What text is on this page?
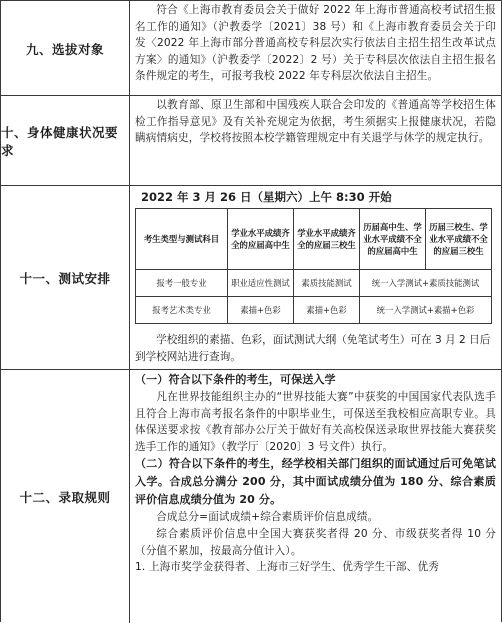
九、选拔对象
符合《上海市教育委员会关于做好 2022 年上海市普通高校考试招生报名工作的通知》（沪教委学〔2021〕38 号）和《上海市教育委员会关于印发〈2022 年上海市部分普通高校专科层次实行依法自主招生招生改革试点方案〉的通知》（沪教委学〔2022〕2 号）关于专科层次依法自主招生报名条件规定的考生，可报考我校 2022 年专科层次依法自主招生。
十、身体健康状况要求
以教育部、原卫生部和中国残疾人联合会印发的《普通高等学校招生体检工作指导意见》及有关补充规定为依据，考生须据实上报健康状况，若隐瞒病情病史，学校将按照本校学籍管理规定中有关退学与休学的规定执行。
十一、测试安排
2022 年 3 月 26 日（星期六）上午 8:30 开始
考生类型与测试科目	学业水平成绩齐全的应届高中生	学业水平成绩齐全的应届三校生	历届高中生、学业水平成绩不全的应届高中生	历届三校生、学业水平成绩不全的应届三校生
报考一般专业	职业适应性测试	素质技能测试	统一入学测试+素质技能测试	
报考艺术类专业	素描+色彩	素描+色彩	统一入学测试+素描+色彩	
学校组织的素描、色彩，面试测试大纲（免笔试考生）可在 3 月 2 日后到学校网站进行查询。
十二、录取规则
（一）符合以下条件的考生，可保送入学
凡在世界技能组织主办的“世界技能大赛”中获奖的中国国家代表队选手且符合上海市高考报名条件的中职毕业生，可保送至我校相应高职专业。具体保送要求按《教育部办公厅关于做好有关高校保送录取世界技能大赛获奖选手工作的通知》（教学厅〔2020〕3 号文件）执行。
（二）符合以下条件的考生，经学校相关部门组织的面试通过后可免笔试入学。合成总分满分 200 分，其中面试成绩分值为 180 分、综合素质评价信息成绩分值为 20 分。
合成总分=面试成绩+综合素质评价信息成绩。
综合素质评价信息中全国大赛获奖者得 20 分、市级获奖者得 10 分（分值不累加，按最高分值计入）。
1. 上海市奖学金获得者、上海市三好学生、优秀学生干部、优秀
